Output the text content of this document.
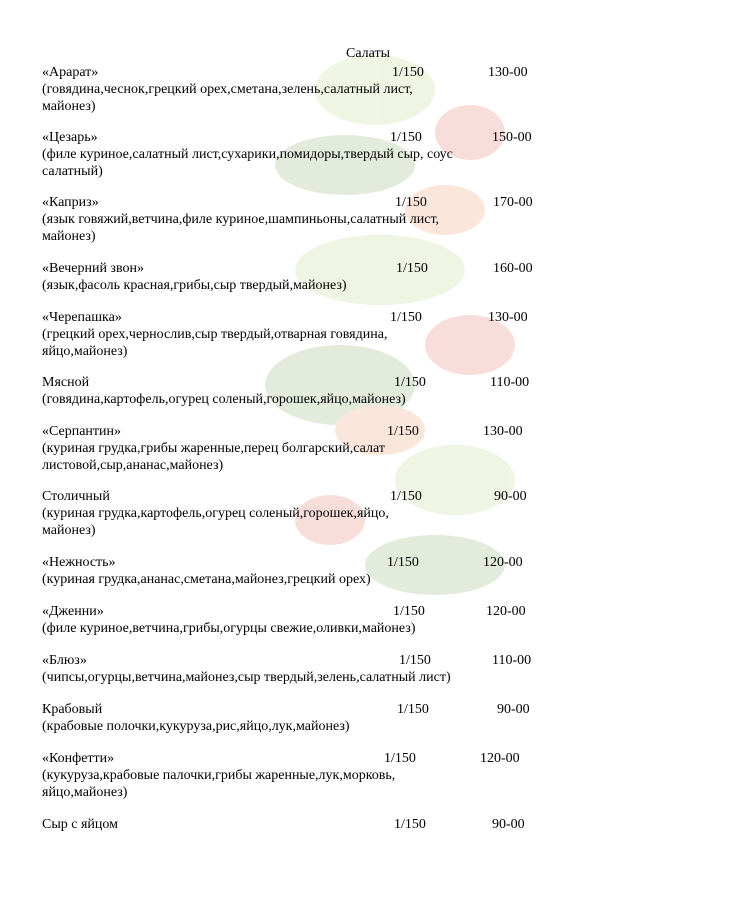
Салаты
«Арарат»	1/150	130-00
(говядина,чеснок,грецкий орех,сметана,зелень,салатный лист, майонез)
«Цезарь»	1/150	150-00
(филе куриное,салатный лист,сухарики,помидоры,твердый сыр, соус салатный)
«Каприз»	1/150	170-00
(язык говяжий,ветчина,филе куриное,шампиньоны,салатный лист, майонез)
«Вечерний звон»	1/150	160-00
(язык,фасоль красная,грибы,сыр твердый,майонез)
«Черепашка»	1/150	130-00
(грецкий орех,чернослив,сыр твердый,отварная говядина, яйцо,майонез)
Мясной	1/150	110-00
(говядина,картофель,огурец соленый,горошек,яйцо,майонез)
«Серпантин»	1/150	130-00
(куриная грудка,грибы жаренные,перец болгарский,салат листовой,сыр,ананас,майонез)
Столичный	1/150	90-00
(куриная грудка,картофель,огурец соленый,горошек,яйцо, майонез)
«Нежность»	1/150	120-00
(куриная грудка,ананас,сметана,майонез,грецкий орех)
«Дженни»	1/150	120-00
(филе куриное,ветчина,грибы,огурцы свежие,оливки,майонез)
«Блюз»	1/150	110-00
(чипсы,огурцы,ветчина,майонез,сыр твердый,зелень,салатный лист)
Крабовый	1/150	90-00
(крабовые полочки,кукуруза,рис,яйцо,лук,майонез)
«Конфетти»	1/150	120-00
(кукуруза,крабовые палочки,грибы жаренные,лук,морковь, яйцо,майонез)
Сыр с яйцом	1/150	90-00
